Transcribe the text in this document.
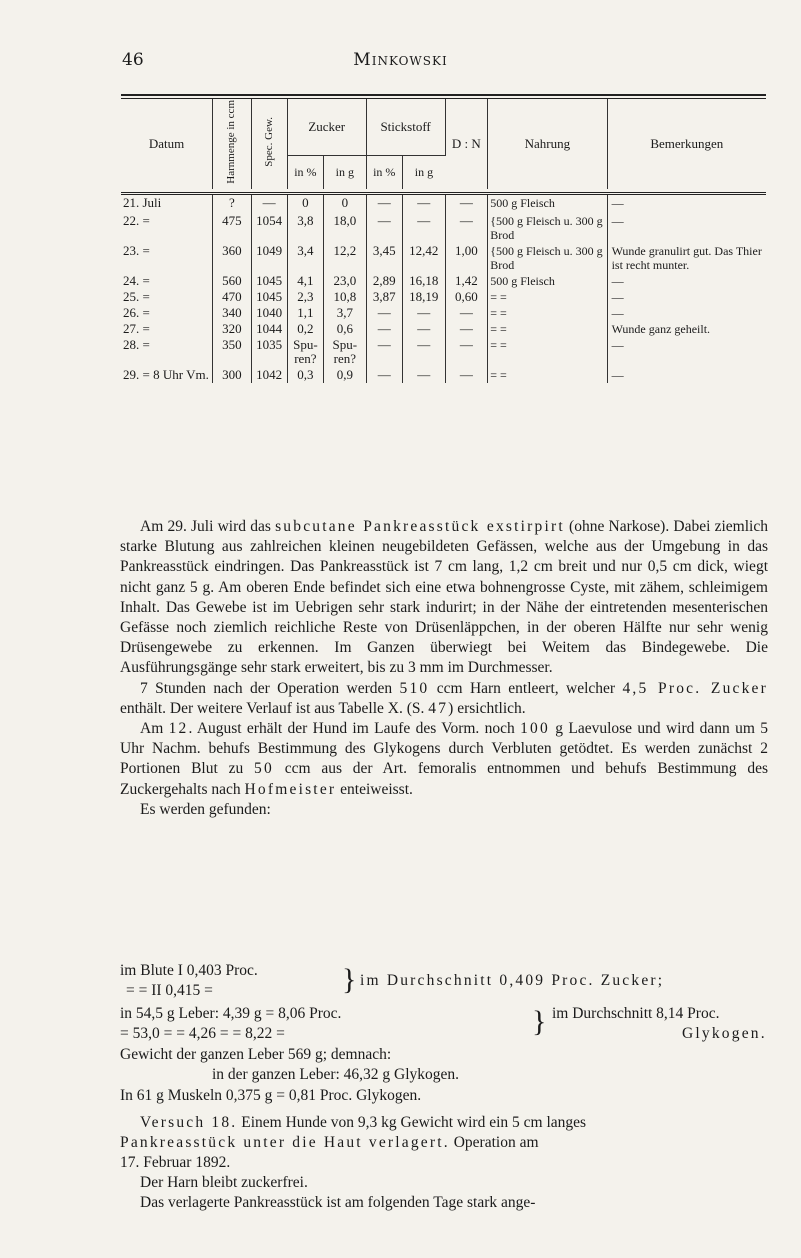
46	Minkowski
Datum	Harnmenge in ccm	Spec. Gew.	Zucker		Stickstoff		D : N	Nahrung	Bemerkungen
			in %	in g	in %	in g			

21. Juli	?	—	0	0	—	—	—	500 g Fleisch	—
22. =	475	1054	3,8	18,0	—	—	—	{500 g Fleisch u. 300 g Brod	—
23. =	360	1049	3,4	12,2	3,45	12,42	1,00	{500 g Fleisch u. 300 g Brod	Wunde granulirt gut. Das Thier ist recht munter.
24. =	560	1045	4,1	23,0	2,89	16,18	1,42	500 g Fleisch	—
25. =	470	1045	2,3	10,8	3,87	18,19	0,60	= =	—
26. =	340	1040	1,1	3,7	—	—	—	= =	—
27. =	320	1044	0,2	0,6	—	—	—	= =	Wunde ganz geheilt.
28. =	350	1035	Spu-ren?	Spu-ren?	—	—	—	= =	—
29. = 8 Uhr Vm.	300	1042	0,3	0,9	—	—	—	= =	—

Am 29. Juli wird das subcutane Pankreasstück exstirpirt (ohne Narkose). Dabei ziemlich starke Blutung aus zahlreichen kleinen neugebildeten Gefässen, welche aus der Umgebung in das Pankreasstück eindringen. Das Pankreasstück ist 7 cm lang, 1,2 cm breit und nur 0,5 cm dick, wiegt nicht ganz 5 g. Am oberen Ende befindet sich eine etwa bohnengrosse Cyste, mit zähem, schleimigem Inhalt. Das Gewebe ist im Uebrigen sehr stark indurirt; in der Nähe der eintretenden mesenterischen Gefässe noch ziemlich reichliche Reste von Drüsenläppchen, in der oberen Hälfte nur sehr wenig Drüsengewebe zu erkennen. Im Ganzen überwiegt bei Weitem das Bindegewebe. Die Ausführungsgänge sehr stark erweitert, bis zu 3 mm im Durchmesser.

7 Stunden nach der Operation werden 510 ccm Harn entleert, welcher 4,5 Proc. Zucker enthält. Der weitere Verlauf ist aus Tabelle X. (S. 47) ersichtlich.

Am 12. August erhält der Hund im Laufe des Vorm. noch 100 g Laevulose und wird dann um 5 Uhr Nachm. behufs Bestimmung des Glykogens durch Verbluten getödtet. Es werden zunächst 2 Portionen Blut zu 50 ccm aus der Art. femoralis entnommen und behufs Bestimmung des Zuckergehalts nach Hofmeister enteiweisst.

Es werden gefunden:

im Blute I 0,403 Proc.
= = II 0,415 =	} im Durchschnitt 0,409 Proc. Zucker;
in 54,5 g Leber: 4,39 g = 8,06 Proc.
= 53,0 = = 4,26 = = 8,22 =	} im Durchschnitt 8,14 Proc.
Glykogen.
Gewicht der ganzen Leber 569 g; demnach:
in der ganzen Leber: 46,32 g Glykogen.
In 61 g Muskeln 0,375 g = 0,81 Proc. Glykogen.
Versuch 18. Einem Hunde von 9,3 kg Gewicht wird ein 5 cm langes
Pankreasstück unter die Haut verlagert. Operation am
17. Februar 1892.
Der Harn bleibt zuckerfrei.
Das verlagerte Pankreasstück ist am folgenden Tage stark ange-
